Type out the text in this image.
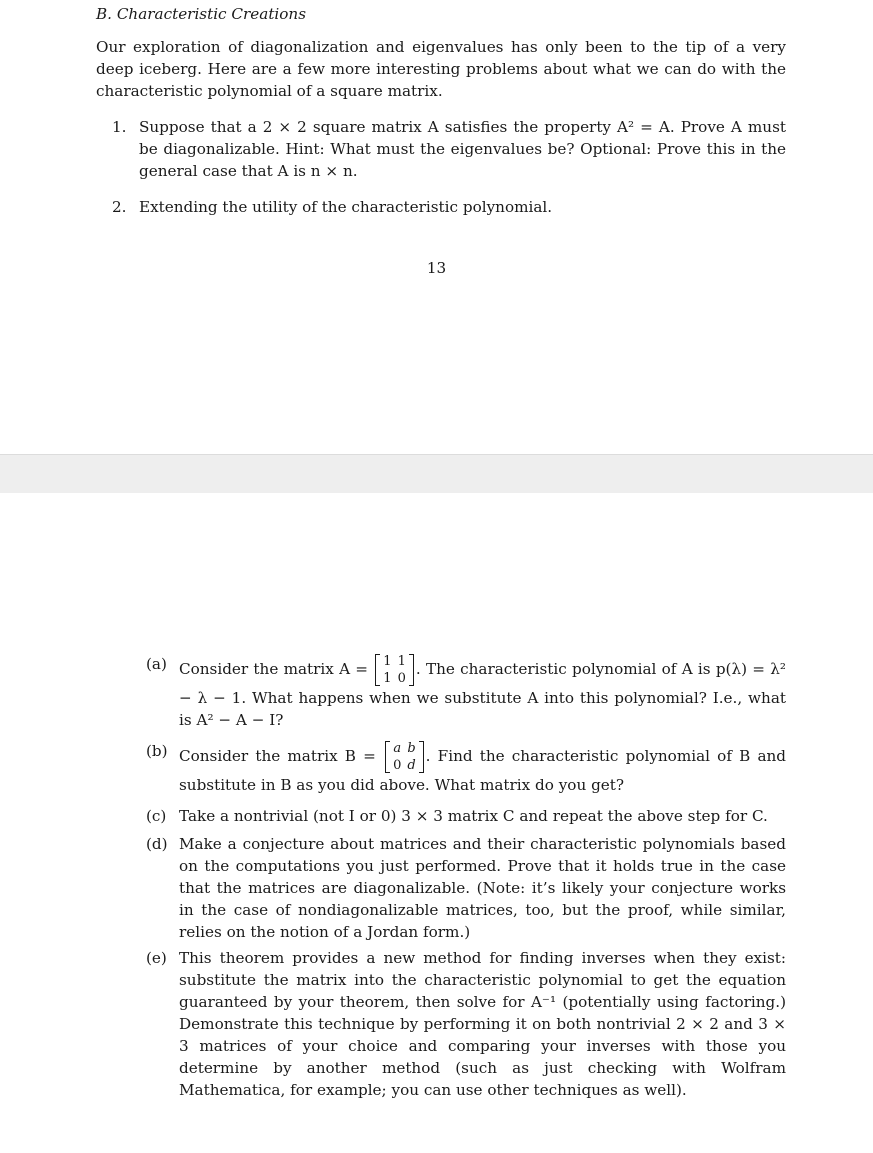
B. Characteristic Creations
Our exploration of diagonalization and eigenvalues has only been to the tip of a very deep iceberg. Here are a few more interesting problems about what we can do with the characteristic polynomial of a square matrix.
1. Suppose that a 2 × 2 square matrix A satisfies the property A² = A. Prove A must be diagonalizable. Hint: What must the eigenvalues be? Optional: Prove this in the general case that A is n × n.
2. Extending the utility of the characteristic polynomial.
13
(a) Consider the matrix A = 1	1
1	0
. The characteristic polynomial of A is p(λ) = λ² − λ − 1. What happens when we substitute A into this polynomial? I.e., what is A² − A − I?
(b) Consider the matrix B = a	b
0	d
. Find the characteristic polynomial of B and substitute in B as you did above. What matrix do you get?
(c) Take a nontrivial (not I or 0) 3 × 3 matrix C and repeat the above step for C.
(d) Make a conjecture about matrices and their characteristic polynomials based on the computations you just performed. Prove that it holds true in the case that the matrices are diagonalizable. (Note: it’s likely your conjecture works in the case of nondiagonalizable matrices, too, but the proof, while similar, relies on the notion of a Jordan form.)
(e) This theorem provides a new method for finding inverses when they exist: substitute the matrix into the characteristic polynomial to get the equation guaranteed by your theorem, then solve for A⁻¹ (potentially using factoring.) Demonstrate this technique by performing it on both nontrivial 2 × 2 and 3 × 3 matrices of your choice and comparing your inverses with those you determine by another method (such as just checking with Wolfram Mathematica, for example; you can use other techniques as well).
